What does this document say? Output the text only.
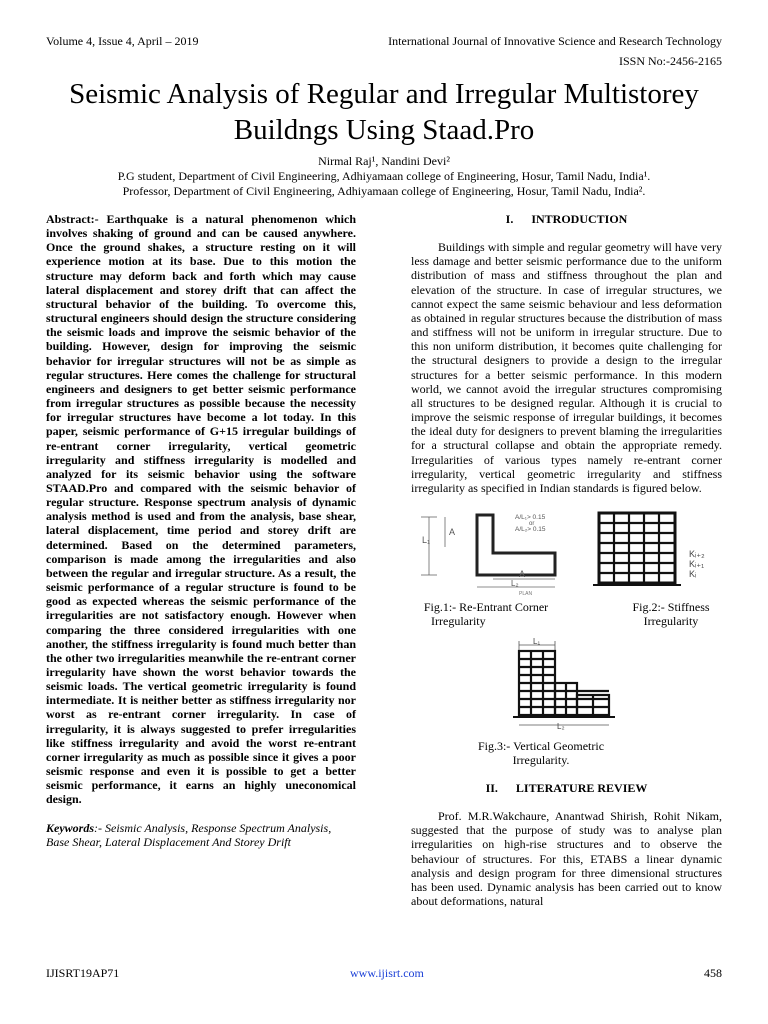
Volume 4, Issue 4, April – 2019	International Journal of Innovative Science and Research Technology
ISSN No:-2456-2165
Seismic Analysis of Regular and Irregular Multistorey Buildngs Using Staad.Pro
Nirmal Raj¹, Nandini Devi²
P.G student, Department of Civil Engineering, Adhiyamaan college of Engineering, Hosur, Tamil Nadu, India¹.
Professor, Department of Civil Engineering, Adhiyamaan college of Engineering, Hosur, Tamil Nadu, India².
Abstract:- Earthquake is a natural phenomenon which involves shaking of ground and can be caused anywhere. Once the ground shakes, a structure resting on it will experience motion at its base. Due to this motion the structure may deform back and forth which may cause lateral displacement and storey drift that can affect the structural behavior of the building. To overcome this, structural engineers should design the structure considering the seismic loads and improve the seismic behavior of the building. However, design for improving the seismic behavior for irregular structures will not be as simple as regular structures. Here comes the challenge for structural engineers and designers to get better seismic performance from irregular structures as possible because the necessity for irregular structures have become a lot today. In this paper, seismic performance of G+15 irregular buildings of re-entrant corner irregularity, vertical geometric irregularity and stiffness irregularity is modelled and analyzed for its seismic behavior using the software STAAD.Pro and compared with the seismic behavior of regular structure. Response spectrum analysis of dynamic analysis method is used and from the analysis, base shear, lateral displacement, time period and storey drift are determined. Based on the determined parameters, comparison is made among the irregularities and also between the regular and irregular structure. As a result, the seismic performance of a regular structure is found to be good as expected whereas the seismic performance of the irregularities are not satisfactory enough. However when comparing the three considered irregularities with one another, the stiffness irregularity is found much better than the other two irregularities meanwhile the re-entrant corner irregularity have shown the worst behavior towards the seismic loads. The vertical geometric irregularity is found intermediate. It is neither better as stiffness irregularity nor worst as re-entrant corner irregularity. In case of irregularity, it is always suggested to prefer irregularities like stiffness irregularity and avoid the worst re-entrant corner irregularity as much as possible since it gives a poor seismic response and even it is possible to get a better seismic performance, it earns an highly uneconomical design.
Keywords:- Seismic Analysis, Response Spectrum Analysis, Base Shear, Lateral Displacement And Storey Drift
I. INTRODUCTION
Buildings with simple and regular geometry will have very less damage and better seismic performance due to the uniform distribution of mass and stiffness throughout the plan and elevation of the structure. In case of irregular structures, we cannot expect the same seismic behaviour and less deformation as obtained in regular structures because the distribution of mass and stiffness will not be uniform in irregular structure. Due to this non uniform distribution, it becomes quite challenging for the structural designers to provide a design to the irregular structures for a better seismic performance. In this modern world, we cannot avoid the irregular structures compromising all structures to be designed regular. Although it is crucial to improve the seismic response of irregular buildings, it becomes the ideal duty for designers to prevent blaming the irregularities for a structural collapse and obtain the appropriate remedy. Irregularities of various types namely re-entrant corner irregularity, vertical geometric irregularity and stiffness irregularity as specified in Indian standards is figured below.
L₁
A
A/L₁> 0.15
or
A/L₂> 0.15
A
L₂
PLAN
Kᵢ₊₂
Kᵢ₊₁
Kᵢ
Fig.1:- Re-Entrant Corner
Irregularity
Fig.2:- Stiffness
Irregularity
L₁
L₂
Fig.3:- Vertical Geometric
Irregularity.
II. LITERATURE REVIEW
Prof. M.R.Wakchaure, Anantwad Shirish, Rohit Nikam, suggested that the purpose of study was to analyse plan irregularities on high-rise structures and to observe the behaviour of structures. For this, ETABS a linear dynamic analysis and design program for three dimensional structures has been used. Dynamic analysis has been carried out to know about deformations, natural
IJISRT19AP71	www.ijisrt.com	458
